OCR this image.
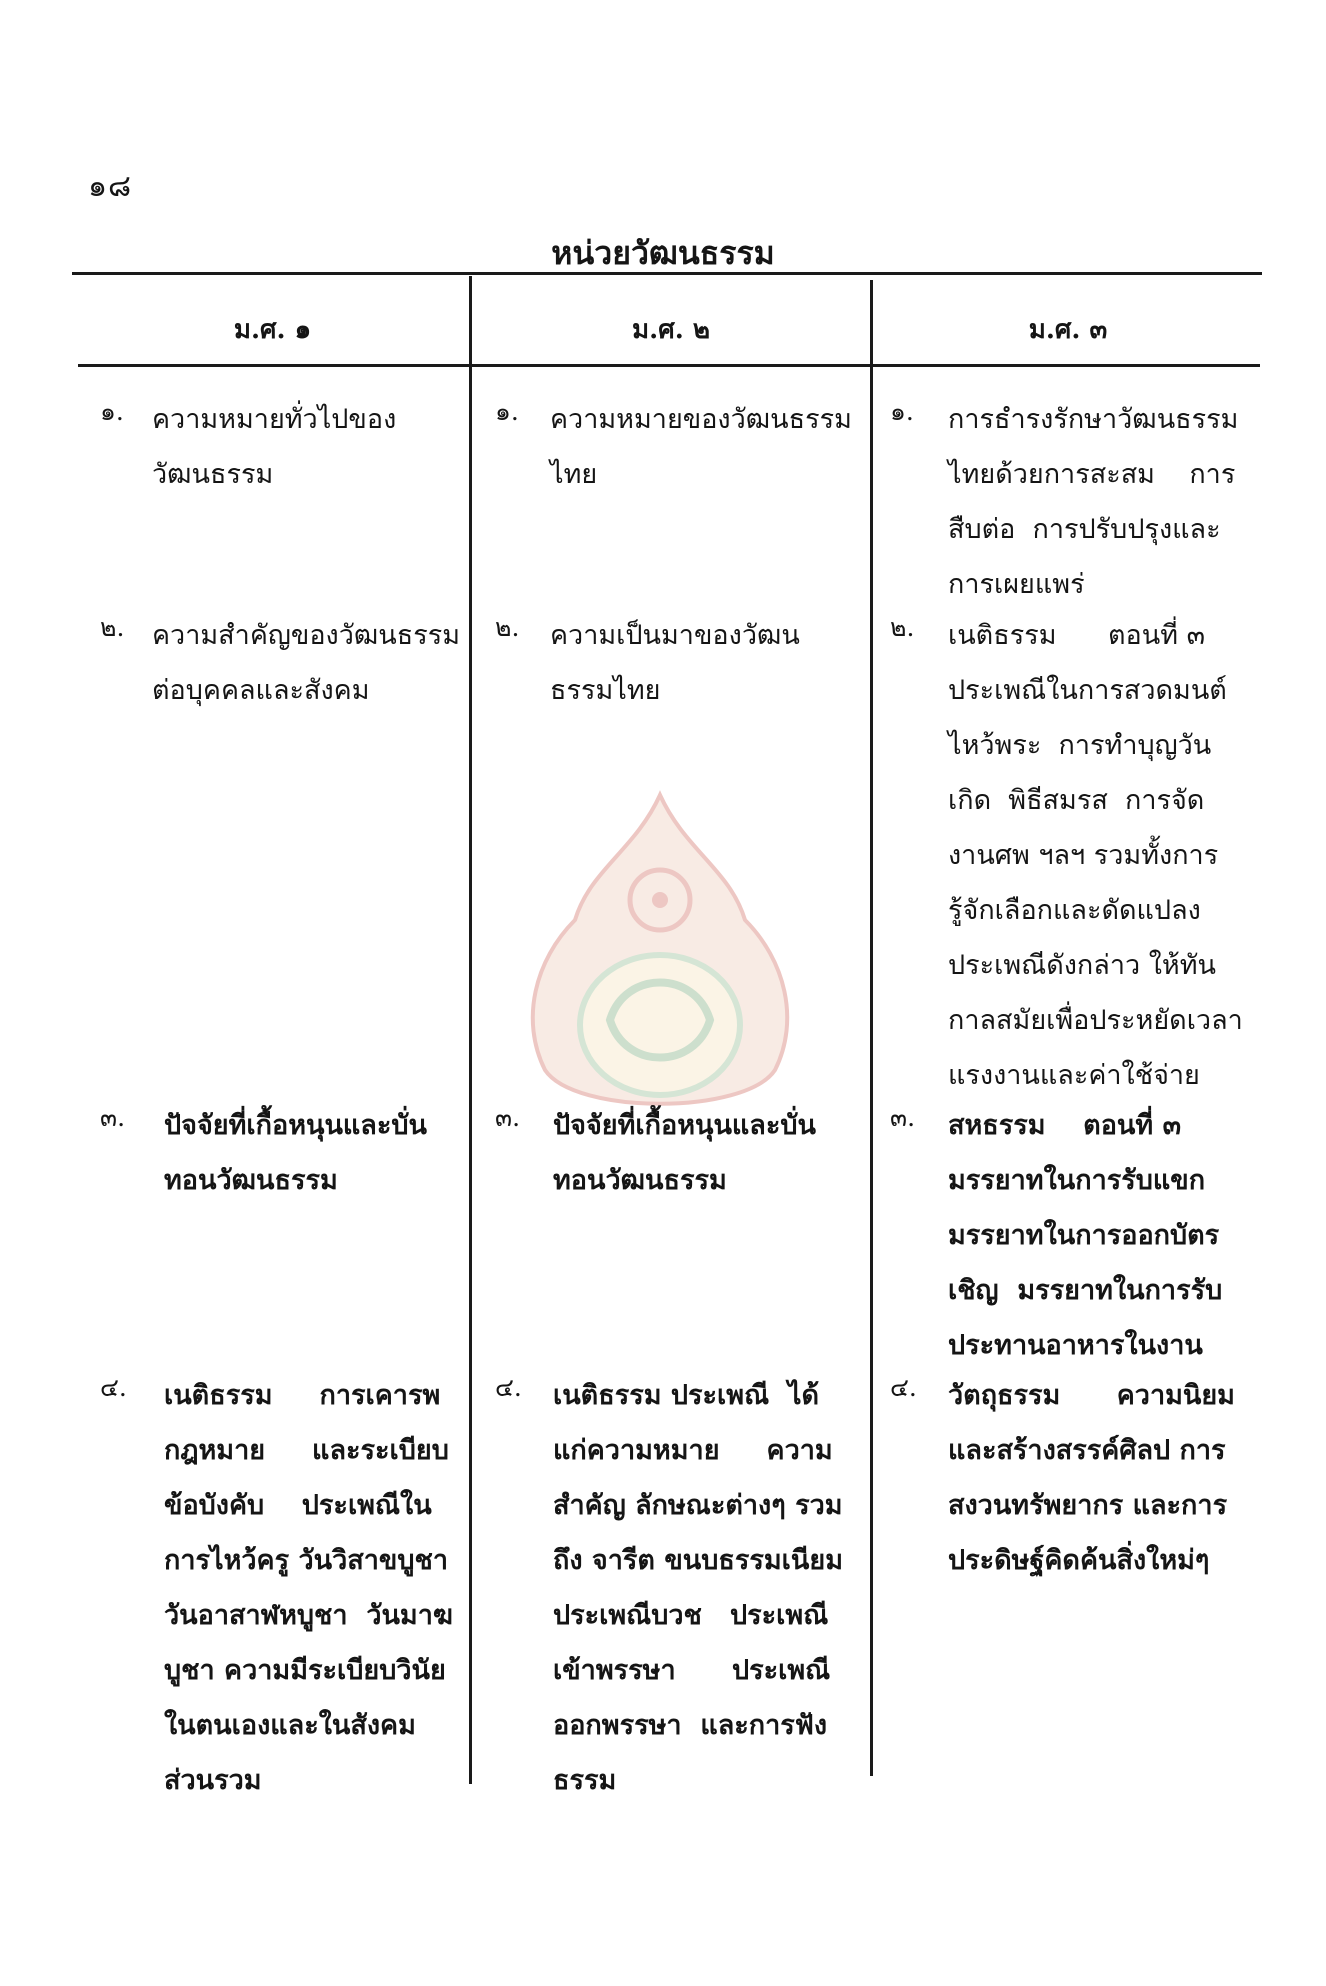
๑๘
หน่วยวัฒนธรรม
ม.ศ. ๑	ม.ศ. ๒	ม.ศ. ๓
๑. ความหมายทั่วไปของ
วัฒนธรรม
๒. ความสำคัญของวัฒนธรรม
ต่อบุคคลและสังคม
๓. ปัจจัยที่เกื้อหนุนและบั่น
ทอนวัฒนธรรม
๔. เนติธรรม     การเคารพ
กฎหมาย     และระเบียบ
ข้อบังคับ    ประเพณีใน
การไหว้ครู วันวิสาขบูชา
วันอาสาฬหบูชา  วันมาฆ
บูชา ความมีระเบียบวินัย
ในตนเองและในสังคม
ส่วนรวม
๑. ความหมายของวัฒนธรรม
ไทย
๒. ความเป็นมาของวัฒน
ธรรมไทย
๓. ปัจจัยที่เกื้อหนุนและบั่น
ทอนวัฒนธรรม
๔. เนติธรรม ประเพณี  ได้
แก่ความหมาย     ความ
สำคัญ ลักษณะต่างๆ รวม
ถึง จารีต ขนบธรรมเนียม
ประเพณีบวช   ประเพณี
เข้าพรรษา      ประเพณี
ออกพรรษา  และการฟัง
ธรรม
๑. การธำรงรักษาวัฒนธรรม
ไทยด้วยการสะสม    การ
สืบต่อ  การปรับปรุงและ
การเผยแพร่
๒. เนติธรรม      ตอนที่ ๓
ประเพณีในการสวดมนต์
ไหว้พระ  การทำบุญวัน
เกิด  พิธีสมรส  การจัด
งานศพ ฯลฯ รวมทั้งการ
รู้จักเลือกและดัดแปลง
ประเพณีดังกล่าว ให้ทัน
กาลสมัยเพื่อประหยัดเวลา
แรงงานและค่าใช้จ่าย
๓. สหธรรม    ตอนที่ ๓
มรรยาทในการรับแขก
มรรยาทในการออกบัตร
เชิญ  มรรยาทในการรับ
ประทานอาหารในงาน
๔. วัตถุธรรม      ความนิยม
และสร้างสรรค์ศิลป การ
สงวนทรัพยากร และการ
ประดิษฐ์คิดค้นสิ่งใหม่ๆ
